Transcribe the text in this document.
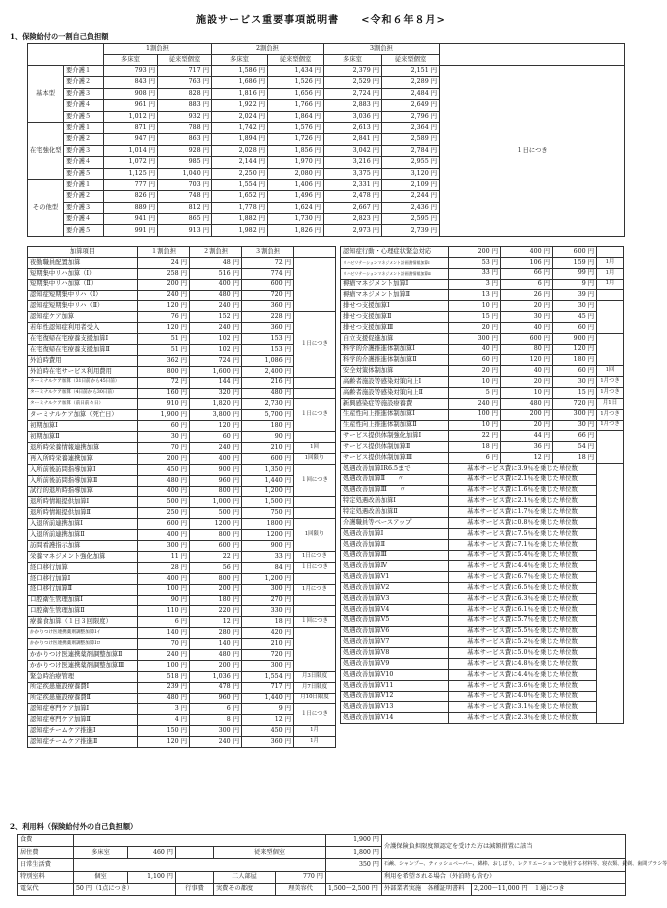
施設サービス重要事項説明書　　<令和６年８月>
1、保険給付の一割自己負担額
2、利用料（保険給付外の自己負担額）
		1割負担		2割負担		3割負担		
		多床室	従来型個室	多床室	従来型個室	多床室	従来型個室	
基本型	要介護１	793 円	717 円	1,586 円	1,434 円	2,379 円	2,151 円	１日につき
	要介護２	843 円	763 円	1,686 円	1,526 円	2,529 円	2,289 円	
	要介護３	908 円	828 円	1,816 円	1,656 円	2,724 円	2,484 円	
	要介護４	961 円	883 円	1,922 円	1,766 円	2,883 円	2,649 円	
	要介護５	1,012 円	932 円	2,024 円	1,864 円	3,036 円	2,796 円	
在宅強化型	要介護１	871 円	788 円	1,742 円	1,576 円	2,613 円	2,364 円	
	要介護２	947 円	863 円	1,894 円	1,726 円	2,841 円	2,589 円	
	要介護３	1,014 円	928 円	2,028 円	1,856 円	3,042 円	2,784 円	
	要介護４	1,072 円	985 円	2,144 円	1,970 円	3,216 円	2,955 円	
	要介護５	1,125 円	1,040 円	2,250 円	2,080 円	3,375 円	3,120 円	
その他型	要介護１	777 円	703 円	1,554 円	1,406 円	2,331 円	2,109 円	
	要介護２	826 円	748 円	1,652 円	1,496 円	2,478 円	2,244 円	
	要介護３	889 円	812 円	1,778 円	1,624 円	2,667 円	2,436 円	
	要介護４	941 円	865 円	1,882 円	1,730 円	2,823 円	2,595 円	
	要介護５	991 円	913 円	1,982 円	1,826 円	2,973 円	2,739 円	
加算項目	１割負担	２割負担	３割負担	
夜勤職員配置加算	24 円	48 円	72 円	
短期集中リハ加算（Ⅰ）	258 円	516 円	774 円	
短期集中リハ加算（Ⅱ）	200 円	400 円	600 円	
認知症短期集中リハ（Ⅰ）	240 円	480 円	720 円	
認知症短期集中リハ（Ⅱ）	120 円	240 円	360 円	
認知症ケア加算	76 円	152 円	228 円	１日につき
若年性認知症利用者受入	120 円	240 円	360 円	
在宅復帰在宅療養支援加算Ⅰ	51 円	102 円	153 円	
在宅復帰在宅療養支援加算Ⅱ	51 円	102 円	153 円	
外泊時費用	362 円	724 円	1,086 円	
外泊時在宅サービス利用費用	800 円	1,600 円	2,400 円	
ターミナルケア加算（31日前から45日前）	72 円	144 円	216 円	
ターミナルケア加算（4日前から30日前）	160 円	320 円	480 円	
ターミナルケア加算（前日前々日）	910 円	1,820 円	2,730 円	１日につき
ターミナルケア加算（死亡日）	1,900 円	3,800 円	5,700 円	
初期加算Ⅰ	60 円	120 円	180 円	
初期加算Ⅱ	30 円	60 円	90 円	
退所時栄養情報連携加算	70 円	240 円	210 円	1回
再入所時栄養連携加算	200 円	400 円	600 円	1回限り
入所前後訪問指導加算Ⅰ	450 円	900 円	1,350 円	１回につき
入所前後訪問指導加算Ⅱ	480 円	960 円	1,440 円	
試行的退所時指導加算	400 円	800 円	1,200 円	
退所時情報提供加算Ⅰ	500 円	1,000 円	1,500 円	
退所時情報提供加算Ⅱ	250 円	500 円	750 円	
入退所前連携加算Ⅰ	600 円	1200 円	1800 円	1回限り
入退所前連携加算Ⅱ	400 円	800 円	1200 円	
訪問看護指示加算	300 円	600 円	900 円	
栄養マネジメント強化加算	11 円	22 円	33 円	1日につき
経口移行加算	28 円	56 円	84 円	１日につき
経口移行加算Ⅰ	400 円	800 円	1,200 円	
経口移行加算Ⅱ	100 円	200 円	300 円	1月につき
口腔衛生管理加算Ⅰ	90 円	180 円	270 円	
口腔衛生管理加算Ⅱ	110 円	220 円	330 円	
療養食加算（１日３回限度）	6 円	12 円	18 円	１回につき
かかりつけ医連携薬剤調整加算Ⅰイ	140 円	280 円	420 円	
かかりつけ医連携薬剤調整加算Ⅰロ	70 円	140 円	210 円	
かかりつけ医連携薬剤調整加算Ⅱ	240 円	480 円	720 円	
かかりつけ医連携薬剤調整加算Ⅲ	100 円	200 円	300 円	
緊急時治療管理	518 円	1,036 円	1,554 円	月3日限度
所定疾患施設療養費Ⅰ	239 円	478 円	717 円	月7日限度
所定疾患施設療養費Ⅱ	480 円	960 円	1,440 円	月10日限度
認知症専門ケア加算Ⅰ	3 円	6 円	9 円	１日につき
認知症専門ケア加算Ⅱ	4 円	8 円	12 円	
認知症チームケア推進Ⅰ	150 円	300 円	450 円	1月
認知症チームケア推進Ⅱ	120 円	240 円	360 円	1月
認知症行動・心理症状緊急対応	200 円	400 円	600 円	
リハビリテーションマネジメント計画書情報加算Ⅰ	53 円	106 円	159 円	1月
リハビリテーションマネジメント計画書情報加算Ⅱ	33 円	66 円	99 円	1月
褥瘡マネジメント加算Ⅰ	3 円	6 円	9 円	1月
褥瘡マネジメント加算Ⅱ	13 円	26 円	39 円	
排せつ支援加算Ⅰ	10 円	20 円	30 円	
排せつ支援加算Ⅱ	15 円	30 円	45 円	
排せつ支援加算Ⅲ	20 円	40 円	60 円	
自立支援促進加算	300 円	600 円	900 円	
科学的介護推進体制加算Ⅰ	40 円	80 円	120 円	
科学的介護推進体制加算Ⅱ	60 円	120 円	180 円	
安全対策体制加算	20 円	40 円	60 円	1回
高齢者施設等感染対策向上Ⅰ	10 円	20 円	30 円	1月つき
高齢者施設等感染対策向上Ⅱ	5 円	10 円	15 円	1月つき
新興感染症等施設療養費	240 円	480 円	720 円	月1日
生産性向上推進体制加算Ⅰ	100 円	200 円	300 円	1月つき
生産性向上推進体制加算Ⅱ	10 円	20 円	30 円	1月つき
サービス提供体制強化加算Ⅰ	22 円	44 円	66 円	
サービス提供体制加算Ⅱ	18 円	36 円	54 円	
サービス提供体制加算Ⅲ	6 円	12 円	18 円	
処遇改善加算ⅠR6.5まで	基本サービス費に3.9％を乗じた単位数			
処遇改善加算Ⅱ　　〃	基本サービス費に2.1％を乗じた単位数			
処遇改善加算Ⅲ　　〃	基本サービス費に1.6％を乗じた単位数			
特定処遇改善加算Ⅰ	基本サービス費に2.1％を乗じた単位数			
特定処遇改善加算Ⅱ	基本サービス費に1.7％を乗じた単位数			
介護職員等ベースアップ	基本サービス費に0.8％を乗じた単位数			
処遇改善加算Ⅰ	基本サービス費に7.5％を乗じた単位数			
処遇改善加算Ⅱ	基本サービス費に7.1％を乗じた単位数			
処遇改善加算Ⅲ	基本サービス費に5.4％を乗じた単位数			
処遇改善加算Ⅳ	基本サービス費に4.4％を乗じた単位数			
処遇改善加算Ⅴ1	基本サービス費に6.7％を乗じた単位数			
処遇改善加算Ⅴ2	基本サービス費に6.5％を乗じた単位数			
処遇改善加算Ⅴ3	基本サービス費に6.3％を乗じた単位数			
処遇改善加算Ⅴ4	基本サービス費に6.1％を乗じた単位数			
処遇改善加算Ⅴ5	基本サービス費に5.7％を乗じた単位数			
処遇改善加算Ⅴ6	基本サービス費に5.5％を乗じた単位数			
処遇改善加算Ⅴ7	基本サービス費に5.2％を乗じた単位数			
処遇改善加算Ⅴ8	基本サービス費に5.0％を乗じた単位数			
処遇改善加算Ⅴ9	基本サービス費に4.8％を乗じた単位数			
処遇改善加算Ⅴ10	基本サービス費に4.4％を乗じた単位数			
処遇改善加算Ⅴ11	基本サービス費に3.6％を乗じた単位数			
処遇改善加算Ⅴ12	基本サービス費に4.0％を乗じた単位数			
処遇改善加算Ⅴ13	基本サービス費に3.1％を乗じた単位数			
処遇改善加算Ⅴ14	基本サービス費に2.3％を乗じた単位数			
食費						1,900 円	介護保険負担限度額認定を受けた方は減額措置に該当	
居住費	多床室	460 円		従来型個室		1,800 円		
日常生活費						350 円	石鹸、シャンプー、ティッシュペーパー、綿棒、おしぼり、レクリエーションで使用する材料等、寝衣類、髭剃、歯間ブラシ等	
特別室料	個室	1,100 円		二人部屋	770 円		利用を希望される場合（外泊時も含む）	
電気代	50 円（1点につき）		行事費	実費その都度	理美容代	1,500～2,500 円	外部業者実施　 各種証明書料	2,200～11,000 円　 １通につき
